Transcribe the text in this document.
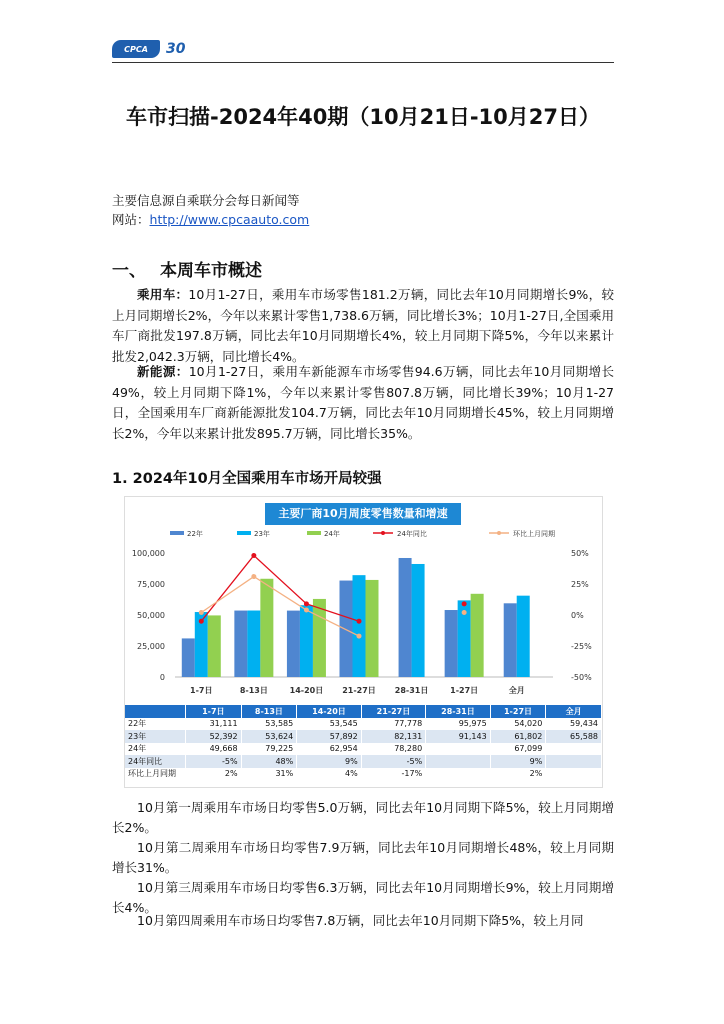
CPCA 30
车市扫描-2024年40期（10月21日-10月27日）
主要信息源自乘联分会每日新闻等
网站：http://www.cpcaauto.com
一、 本周车市概述
乘用车：10月1-27日，乘用车市场零售181.2万辆，同比去年10月同期增长9%，较上月同期增长2%，今年以来累计零售1,738.6万辆，同比增长3%；10月1-27日,全国乘用车厂商批发197.8万辆，同比去年10月同期增长4%，较上月同期下降5%，今年以来累计批发2,042.3万辆，同比增长4%。
新能源：10月1-27日，乘用车新能源车市场零售94.6万辆，同比去年10月同期增长49%，较上月同期下降1%，今年以来累计零售807.8万辆，同比增长39%；10月1-27日，全国乘用车厂商新能源批发104.7万辆，同比去年10月同期增长45%，较上月同期增长2%，今年以来累计批发895.7万辆，同比增长35%。
1. 2024年10月全国乘用车市场开局较强
主要厂商10月周度零售数量和增速
100,000
75,000
50,000
25,000
0
50%
25%
0%
-25%
-50%
22年	23年	24年	24年同比	环比上月同期
1-7日	8-13日	14-20日 21-27日 28-31日	1-27日	全月
	1-7日	8-13日	14-20日	21-27日	28-31日	1-27日	全月
22年	31,111	53,585	53,545	77,778	95,975	54,020	59,434
23年	52,392	53,624	57,892	82,131	91,143	61,802	65,588
24年	49,668	79,225	62,954	78,280		67,099	
24年同比	-5%	48%	9%	-5%		9%	
环比上月同期	2%	31%	4%	-17%		2%	
10月第一周乘用车市场日均零售5.0万辆，同比去年10月同期下降5%，较上月同期增长2%。
10月第二周乘用车市场日均零售7.9万辆，同比去年10月同期增长48%，较上月同期增长31%。
10月第三周乘用车市场日均零售6.3万辆，同比去年10月同期增长9%，较上月同期增长4%。
10月第四周乘用车市场日均零售7.8万辆，同比去年10月同期下降5%，较上月同
